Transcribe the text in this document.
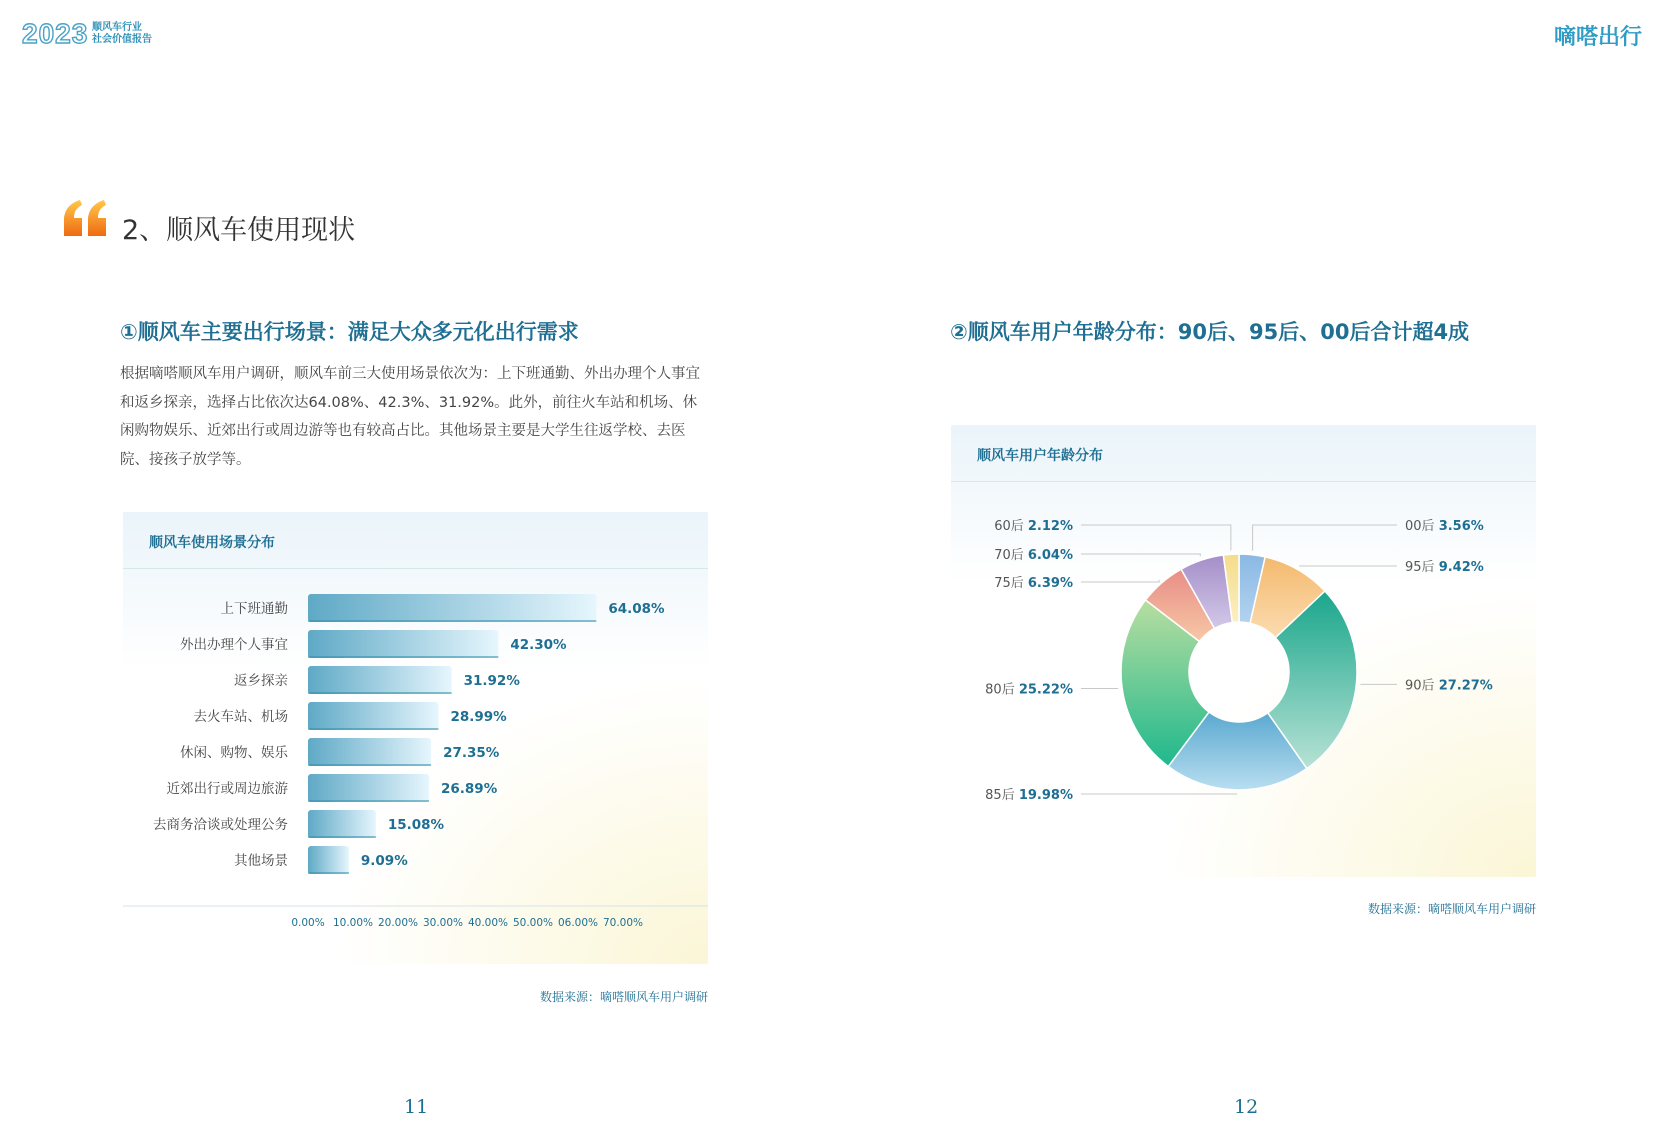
2023 顺风车行业 社会价值报告	嘀嗒出行
2、顺风车使用现状
①顺风车主要出行场景：满足大众多元化出行需求
根据嘀嗒顺风车用户调研，顺风车前三大使用场景依次为：上下班通勤、外出办理个人事宜和返乡探亲，选择占比依次达64.08%、42.3%、31.92%。此外，前往火车站和机场、休闲购物娱乐、近郊出行或周边游等也有较高占比。其他场景主要是大学生往返学校、去医院、接孩子放学等。
顺风车使用场景分布
上下班通勤	64.08%
外出办理个人事宜	42.30%
返乡探亲	31.92%
去火车站、机场	28.99%
休闲、购物、娱乐	27.35%
近郊出行或周边旅游	26.89%
去商务洽谈或处理公务	15.08%
其他场景	9.09%
0.00% 10.00% 20.00% 30.00% 40.00% 50.00% 06.00% 70.00%
数据来源：嘀嗒顺风车用户调研
11
②顺风车用户年龄分布：90后、95后、00后合计超4成
顺风车用户年龄分布
00后 3.56%
95后 9.42%
90后 27.27%
85后 19.98%
80后 25.22%
75后 6.39%
70后 6.04%
60后 2.12%
数据来源：嘀嗒顺风车用户调研
12
